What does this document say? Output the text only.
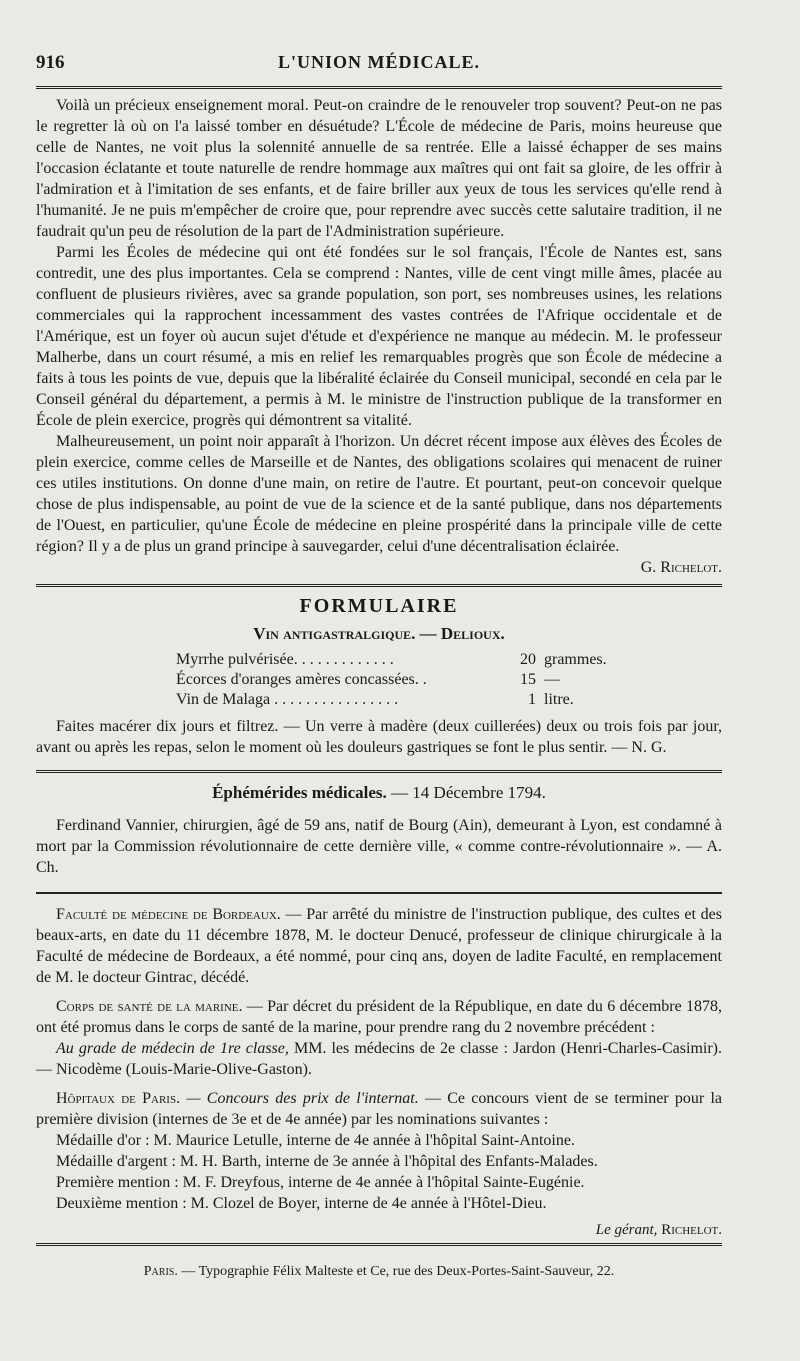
916	L'UNION MÉDICALE.

Voilà un précieux enseignement moral. Peut-on craindre de le renouveler trop souvent? Peut-on ne pas le regretter là où on l'a laissé tomber en désuétude? L'École de médecine de Paris, moins heureuse que celle de Nantes, ne voit plus la solennité annuelle de sa rentrée. Elle a laissé échapper de ses mains l'occasion éclatante et toute naturelle de rendre hommage aux maîtres qui ont fait sa gloire, de les offrir à l'admiration et à l'imitation de ses enfants, et de faire briller aux yeux de tous les services qu'elle rend à l'humanité. Je ne puis m'empêcher de croire que, pour reprendre avec succès cette salutaire tradition, il ne faudrait qu'un peu de résolution de la part de l'Administration supérieure.

Parmi les Écoles de médecine qui ont été fondées sur le sol français, l'École de Nantes est, sans contredit, une des plus importantes. Cela se comprend : Nantes, ville de cent vingt mille âmes, placée au confluent de plusieurs rivières, avec sa grande population, son port, ses nombreuses usines, les relations commerciales qui la rapprochent incessamment des vastes contrées de l'Afrique occidentale et de l'Amérique, est un foyer où aucun sujet d'étude et d'expérience ne manque au médecin. M. le professeur Malherbe, dans un court résumé, a mis en relief les remarquables progrès que son École de médecine a faits à tous les points de vue, depuis que la libéralité éclairée du Conseil municipal, secondé en cela par le Conseil général du département, a permis à M. le ministre de l'instruction publique de la transformer en École de plein exercice, progrès qui démontrent sa vitalité.

Malheureusement, un point noir apparaît à l'horizon. Un décret récent impose aux élèves des Écoles de plein exercice, comme celles de Marseille et de Nantes, des obligations scolaires qui menacent de ruiner ces utiles institutions. On donne d'une main, on retire de l'autre. Et pourtant, peut-on concevoir quelque chose de plus indispensable, au point de vue de la science et de la santé publique, dans nos départements de l'Ouest, en particulier, qu'une École de médecine en pleine prospérité dans la principale ville de cette région? Il y a de plus un grand principe à sauvegarder, celui d'une décentralisation éclairée.

G. Richelot.

FORMULAIRE
Vin antigastralgique. — Delioux.
Myrrhe pulvérisée. . . . . . . . . . . . .	20 grammes.
Écorces d'oranges amères concassées. .	15 —
Vin de Malaga . . . . . . . . . . . . . . . .	1 litre.

Faites macérer dix jours et filtrez. — Un verre à madère (deux cuillerées) deux ou trois fois par jour, avant ou après les repas, selon le moment où les douleurs gastriques se font le plus sentir. — N. G.

Éphémérides médicales. — 14 Décembre 1794.

Ferdinand Vannier, chirurgien, âgé de 59 ans, natif de Bourg (Ain), demeurant à Lyon, est condamné à mort par la Commission révolutionnaire de cette dernière ville, « comme contre-révolutionnaire ». — A. Ch.

Faculté de médecine de Bordeaux. — Par arrêté du ministre de l'instruction publique, des cultes et des beaux-arts, en date du 11 décembre 1878, M. le docteur Denucé, professeur de clinique chirurgicale à la Faculté de médecine de Bordeaux, a été nommé, pour cinq ans, doyen de ladite Faculté, en remplacement de M. le docteur Gintrac, décédé.

Corps de santé de la marine. — Par décret du président de la République, en date du 6 décembre 1878, ont été promus dans le corps de santé de la marine, pour prendre rang du 2 novembre précédent :

Au grade de médecin de 1re classe, MM. les médecins de 2e classe : Jardon (Henri-Charles-Casimir). — Nicodème (Louis-Marie-Olive-Gaston).

Hôpitaux de Paris. — Concours des prix de l'internat. — Ce concours vient de se terminer pour la première division (internes de 3e et de 4e année) par les nominations suivantes :

Médaille d'or : M. Maurice Letulle, interne de 4e année à l'hôpital Saint-Antoine.

Médaille d'argent : M. H. Barth, interne de 3e année à l'hôpital des Enfants-Malades.

Première mention : M. F. Dreyfous, interne de 4e année à l'hôpital Sainte-Eugénie.

Deuxième mention : M. Clozel de Boyer, interne de 4e année à l'Hôtel-Dieu.

Le gérant, Richelot.
Paris. — Typographie Félix Malteste et Ce, rue des Deux-Portes-Saint-Sauveur, 22.
